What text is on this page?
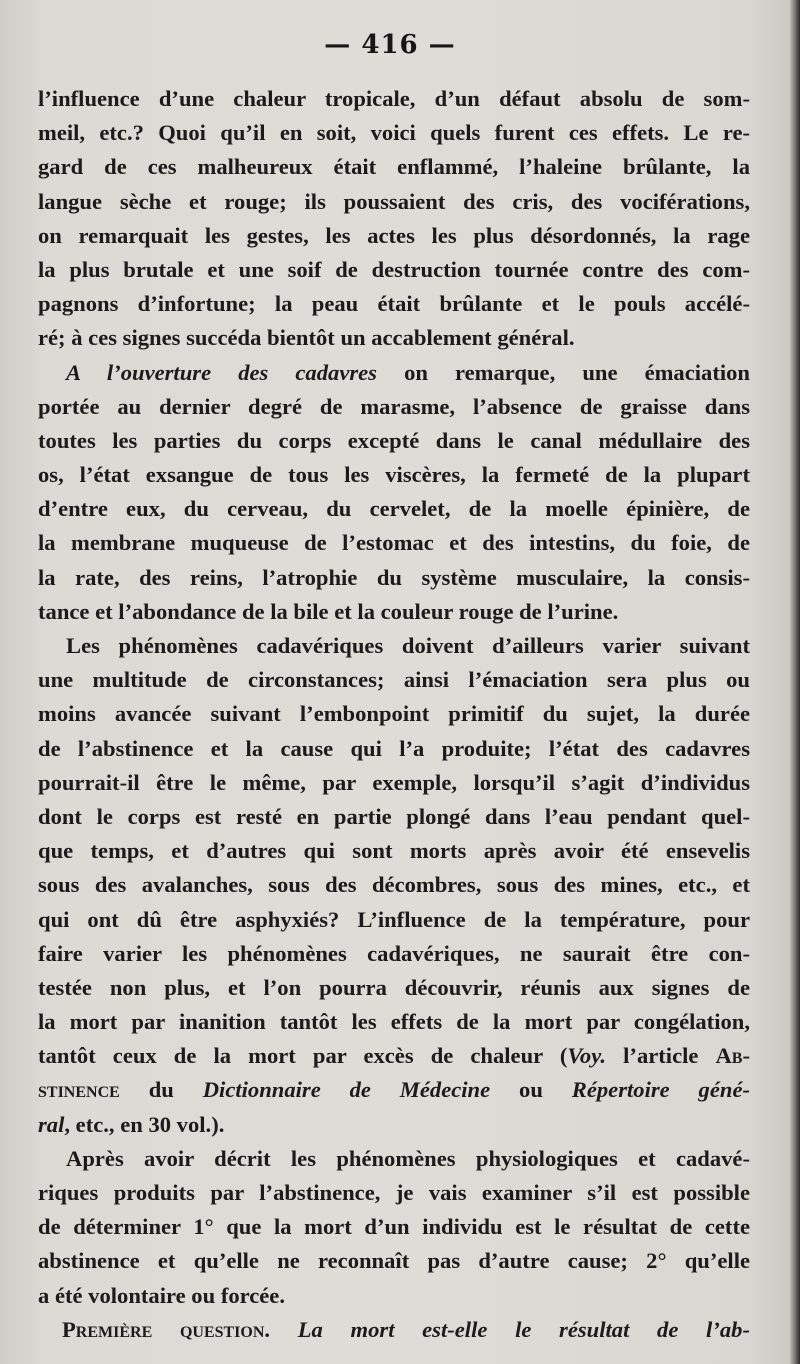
— 416 —
l’influence d’une chaleur tropicale, d’un défaut absolu de som-
meil, etc.? Quoi qu’il en soit, voici quels furent ces effets. Le re-
gard de ces malheureux était enflammé, l’haleine brûlante, la
langue sèche et rouge; ils poussaient des cris, des vociférations,
on remarquait les gestes, les actes les plus désordonnés, la rage
la plus brutale et une soif de destruction tournée contre des com-
pagnons d’infortune; la peau était brûlante et le pouls accélé-
ré; à ces signes succéda bientôt un accablement général.
A l’ouverture des cadavres on remarque, une émaciation
portée au dernier degré de marasme, l’absence de graisse dans
toutes les parties du corps excepté dans le canal médullaire des
os, l’état exsangue de tous les viscères, la fermeté de la plupart
d’entre eux, du cerveau, du cervelet, de la moelle épinière, de
la membrane muqueuse de l’estomac et des intestins, du foie, de
la rate, des reins, l’atrophie du système musculaire, la consis-
tance et l’abondance de la bile et la couleur rouge de l’urine.
Les phénomènes cadavériques doivent d’ailleurs varier suivant
une multitude de circonstances; ainsi l’émaciation sera plus ou
moins avancée suivant l’embonpoint primitif du sujet, la durée
de l’abstinence et la cause qui l’a produite; l’état des cadavres
pourrait-il être le même, par exemple, lorsqu’il s’agit d’individus
dont le corps est resté en partie plongé dans l’eau pendant quel-
que temps, et d’autres qui sont morts après avoir été ensevelis
sous des avalanches, sous des décombres, sous des mines, etc., et
qui ont dû être asphyxiés? L’influence de la température, pour
faire varier les phénomènes cadavériques, ne saurait être con-
testée non plus, et l’on pourra découvrir, réunis aux signes de
la mort par inanition tantôt les effets de la mort par congélation,
tantôt ceux de la mort par excès de chaleur (Voy. l’article Ab-
stinence du Dictionnaire de Médecine ou Répertoire géné-
ral, etc., en 30 vol.).
Après avoir décrit les phénomènes physiologiques et cadavé-
riques produits par l’abstinence, je vais examiner s’il est possible
de déterminer 1° que la mort d’un individu est le résultat de cette
abstinence et qu’elle ne reconnaît pas d’autre cause; 2° qu’elle
a été volontaire ou forcée.
Première question. La mort est-elle le résultat de l’ab-
